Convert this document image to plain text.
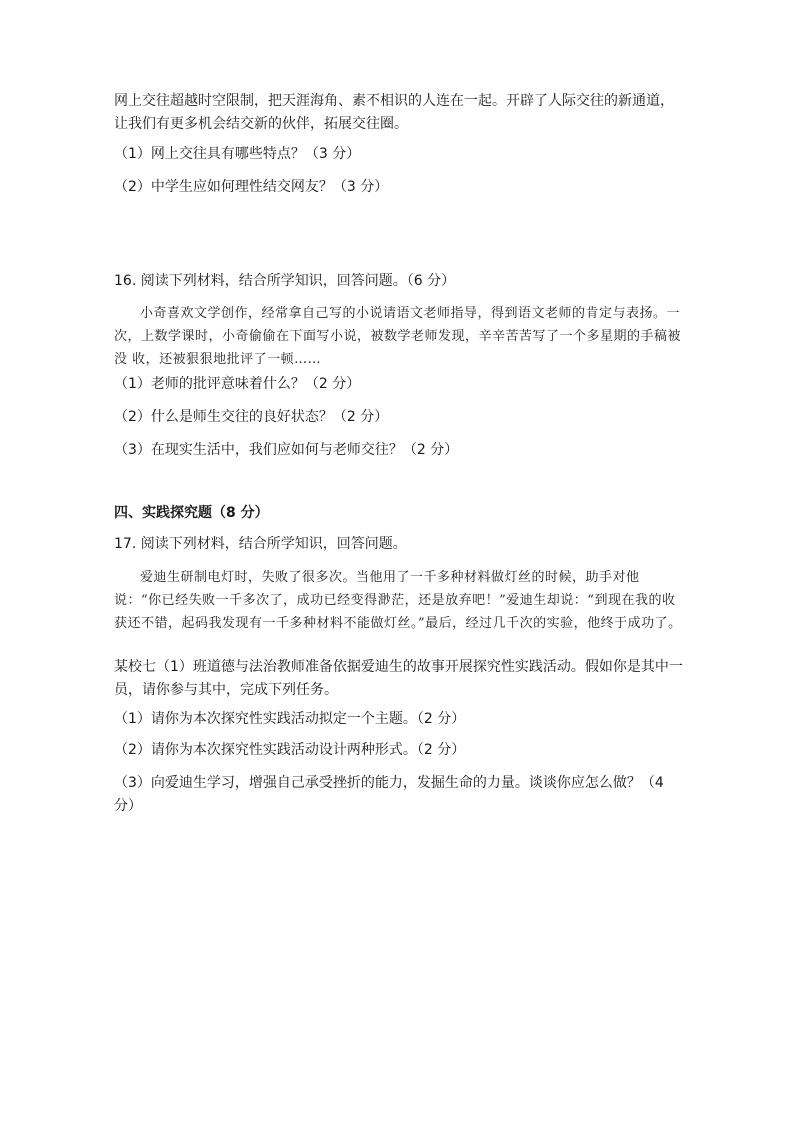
网上交往超越时空限制，把天涯海角、素不相识的人连在一起。开辟了人际交往的新通道，让我们有更多机会结交新的伙伴，拓展交往圈。

（1）网上交往具有哪些特点？（3 分）

（2）中学生应如何理性结交网友？（3 分）

16. 阅读下列材料，结合所学知识，回答问题。（6 分）

小奇喜欢文学创作，经常拿自己写的小说请语文老师指导，得到语文老师的肯定与表扬。一次，上数学课时，小奇偷偷在下面写小说，被数学老师发现，辛辛苦苦写了一个多星期的手稿被没 收，还被狠狠地批评了一顿……

（1）老师的批评意味着什么？（2 分）

（2）什么是师生交往的良好状态？（2 分）

（3）在现实生活中，我们应如何与老师交往？（2 分）

四、实践探究题（8 分）

17. 阅读下列材料，结合所学知识，回答问题。

爱迪生研制电灯时，失败了很多次。当他用了一千多种材料做灯丝的时候，助手对他说：“你已经失败一千多次了，成功已经变得渺茫，还是放弃吧！”爱迪生却说：“到现在我的收获还不错，起码我发现有一千多种材料不能做灯丝。”最后，经过几千次的实验，他终于成功了。

某校七（1）班道德与法治教师准备依据爱迪生的故事开展探究性实践活动。假如你是其中一员，请你参与其中，完成下列任务。

（1）请你为本次探究性实践活动拟定一个主题。（2 分）

（2）请你为本次探究性实践活动设计两种形式。（2 分）

（3）向爱迪生学习，增强自己承受挫折的能力，发掘生命的力量。谈谈你应怎么做？（4 分）
